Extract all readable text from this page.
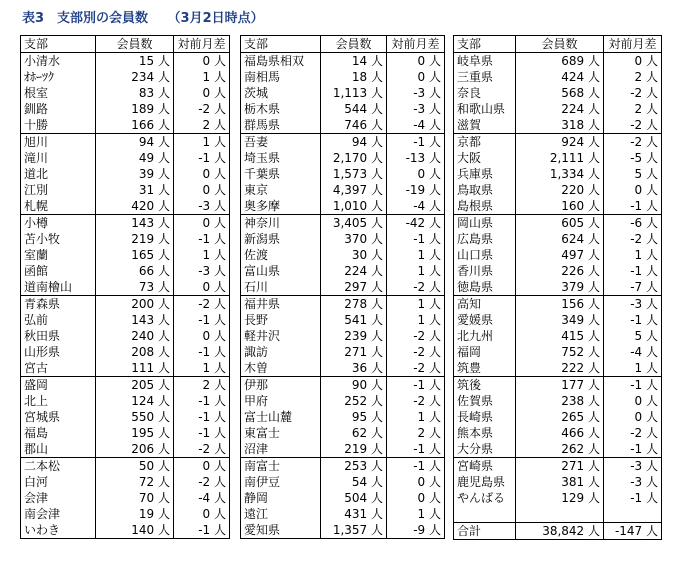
表3　支部別の会員数　　（3月2日時点）
支部	会員数	対前月差
小清水	15 人	0 人
ｵﾎｰﾂｸ	234 人	1 人
根室	83 人	0 人
釧路	189 人	-2 人
十勝	166 人	2 人
旭川	94 人	1 人
滝川	49 人	-1 人
道北	39 人	0 人
江別	31 人	0 人
札幌	420 人	-3 人
小樽	143 人	0 人
苫小牧	219 人	-1 人
室蘭	165 人	1 人
函館	66 人	-3 人
道南檜山	73 人	0 人
青森県	200 人	-2 人
弘前	143 人	-1 人
秋田県	240 人	0 人
山形県	208 人	-1 人
宮古	111 人	1 人
盛岡	205 人	2 人
北上	124 人	-1 人
宮城県	550 人	-1 人
福島	195 人	-1 人
郡山	206 人	-2 人
二本松	50 人	0 人
白河	72 人	-2 人
会津	70 人	-4 人
南会津	19 人	0 人
いわき	140 人	-1 人
支部	会員数	対前月差
福島県相双	14 人	0 人
南相馬	18 人	0 人
茨城	1,113 人	-3 人
栃木県	544 人	-3 人
群馬県	746 人	-4 人
吾妻	94 人	-1 人
埼玉県	2,170 人	-13 人
千葉県	1,573 人	0 人
東京	4,397 人	-19 人
奥多摩	1,010 人	-4 人
神奈川	3,405 人	-42 人
新潟県	370 人	-1 人
佐渡	30 人	1 人
富山県	224 人	1 人
石川	297 人	-2 人
福井県	278 人	1 人
長野	541 人	1 人
軽井沢	239 人	-2 人
諏訪	271 人	-2 人
木曽	36 人	-2 人
伊那	90 人	-1 人
甲府	252 人	-2 人
富士山麓	95 人	1 人
東富士	62 人	2 人
沼津	219 人	-1 人
南富士	253 人	-1 人
南伊豆	54 人	0 人
静岡	504 人	0 人
遠江	431 人	1 人
愛知県	1,357 人	-9 人
支部	会員数	対前月差
岐阜県	689 人	0 人
三重県	424 人	2 人
奈良	568 人	-2 人
和歌山県	224 人	2 人
滋賀	318 人	-2 人
京都	924 人	-2 人
大阪	2,111 人	-5 人
兵庫県	1,334 人	5 人
鳥取県	220 人	0 人
島根県	160 人	-1 人
岡山県	605 人	-6 人
広島県	624 人	-2 人
山口県	497 人	1 人
香川県	226 人	-1 人
徳島県	379 人	-7 人
高知	156 人	-3 人
愛媛県	349 人	-1 人
北九州	415 人	5 人
福岡	752 人	-4 人
筑豊	222 人	1 人
筑後	177 人	-1 人
佐賀県	238 人	0 人
長崎県	265 人	0 人
熊本県	466 人	-2 人
大分県	262 人	-1 人
宮崎県	271 人	-3 人
鹿児島県	381 人	-3 人
やんばる	129 人	-1 人

合計	38,842 人	-147 人
